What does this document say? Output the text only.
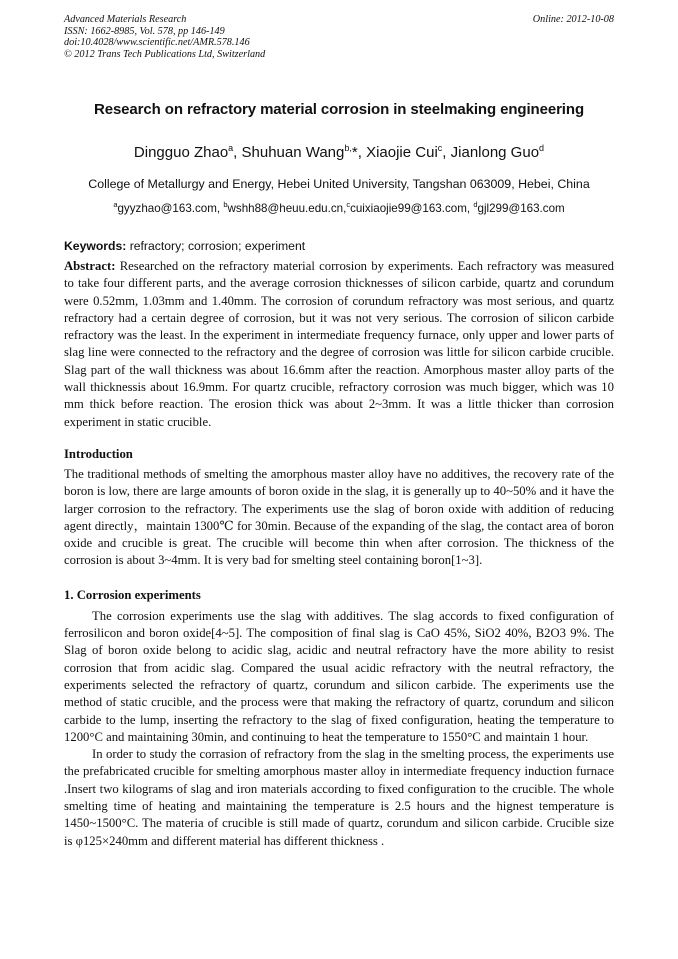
Advanced Materials Research
ISSN: 1662-8985, Vol. 578, pp 146-149
doi:10.4028/www.scientific.net/AMR.578.146
© 2012 Trans Tech Publications Ltd, Switzerland
Online: 2012-10-08
Research on refractory material corrosion in steelmaking engineering
Dingguo Zhao$^a$, Shuhuan Wang$^{b,}$*, Xiaojie Cui$^c$, Jianlong Guo$^d$
College of Metallurgy and Energy, Hebei United University, Tangshan 063009, Hebei, China
$^a$gyyzhao@163.com, $^b$wshh88@heuu.edu.cn,$^c$cuixiaojie99@163.com, $^d$gjl299@163.com
Keywords: refractory; corrosion; experiment

Abstract: Researched on the refractory material corrosion by experiments. Each refractory was measured to take four different parts, and the average corrosion thicknesses of silicon carbide, quartz and corundum were 0.52mm, 1.03mm and 1.40mm. The corrosion of corundum refractory was most serious, and quartz refractory had a certain degree of corrosion, but it was not very serious. The corrosion of silicon carbide refractory was the least. In the experiment in intermediate frequency furnace, only upper and lower parts of slag line were connected to the refractory and the degree of corrosion was little for silicon carbide crucible. Slag part of the wall thickness was about 16.6mm after the reaction. Amorphous master alloy parts of the wall thicknessis about 16.9mm. For quartz crucible, refractory corrosion was much bigger, which was 10 mm thick before reaction. The erosion thick was about 2~3mm. It was a little thicker than corrosion experiment in static crucible.

Introduction

The traditional methods of smelting the amorphous master alloy have no additives, the recovery rate of the boron is low, there are large amounts of boron oxide in the slag, it is generally up to 40~50% and it have the larger corrosion to the refractory. The experiments use the slag of boron oxide with addition of reducing agent directly，maintain 1300℃ for 30min. Because of the expanding of the slag, the contact area of boron oxide and crucible is great. The crucible will become thin when after corrosion. The thickness of the corrosion is about 3~4mm. It is very bad for smelting steel containing boron[1~3].

1. Corrosion experiments

The corrosion experiments use the slag with additives. The slag accords to fixed configuration of ferrosilicon and boron oxide[4~5]. The composition of final slag is CaO 45%, SiO2 40%, B2O3 9%. The Slag of boron oxide belong to acidic slag, acidic and neutral refractory have the more ability to resist corrosion that from acidic slag. Compared the usual acidic refractory with the neutral refractory, the experiments selected the refractory of quartz, corundum and silicon carbide. The experiments use the method of static crucible, and the process were that making the refractory of quartz, corundum and silicon carbide to the lump, inserting the refractory to the slag of fixed configuration, heating the temperature to 1200°C and maintaining 30min, and continuing to heat the temperature to 1550°C and maintain 1 hour.

In order to study the corrasion of refractory from the slag in the smelting process, the experiments use the prefabricated crucible for smelting amorphous master alloy in intermediate frequency induction furnace .Insert two kilograms of slag and iron materials according to fixed configuration to the crucible. The whole smelting time of heating and maintaining the temperature is 2.5 hours and the hignest temperature is 1450~1500°C. The materia of crucible is still made of quartz, corundum and silicon carbide. Crucible size is φ125×240mm and different material has different thickness .
